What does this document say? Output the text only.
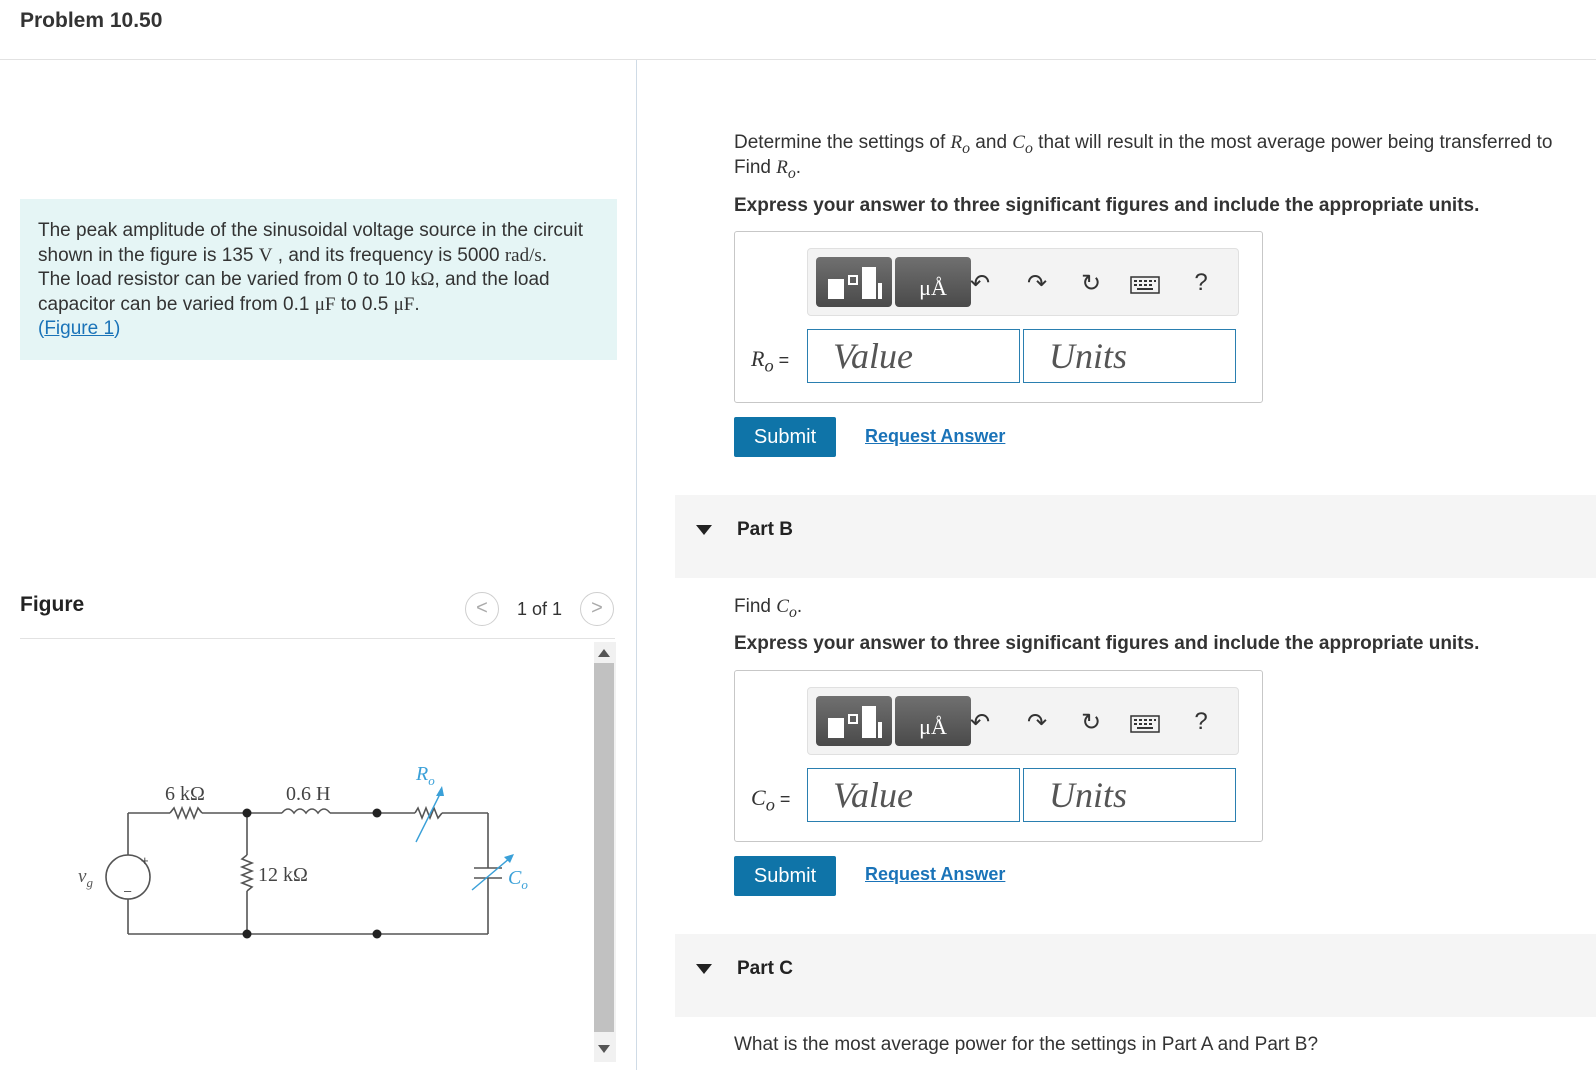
Problem 10.50
The peak amplitude of the sinusoidal voltage source in the circuit
shown in the figure is 135 V , and its frequency is 5000 rad/s.
The load resistor can be varied from 0 to 10 kΩ, and the load
capacitor can be varied from 0.1 μF to 0.5 μF.
(Figure 1)
Figure	<	1 of 1	>
6 kΩ	0.6 H
12 kΩ
+
–
$v_g$
$R_o$
$C_o$
Determine the settings of $R_o$ and $C_o$ that will result in the most average power being transferred to
Find $R_o$.
Express your answer to three significant figures and include the appropriate units.
μÅ ↶ ↷ ↻	?
$R_o$ =	Value	Units
Submit	Request Answer
Part B
Find $C_o$.
Express your answer to three significant figures and include the appropriate units.
μÅ ↶ ↷ ↻	?
$C_o$ =	Value	Units
Submit	Request Answer
Part C
What is the most average power for the settings in Part A and Part B?
